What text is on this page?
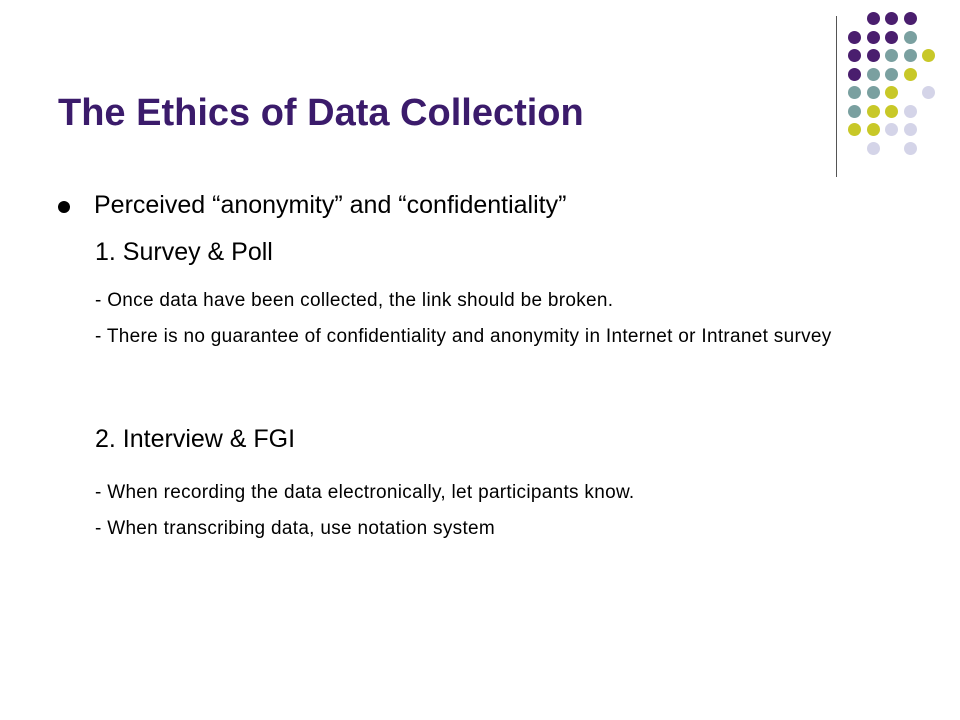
The Ethics of Data Collection
Perceived “anonymity” and “confidentiality”
1. Survey & Poll
- Once data have been collected, the link should be broken.
- There is no guarantee of confidentiality and anonymity in Internet or Intranet survey
2. Interview & FGI
- When recording the data electronically, let participants know.
- When transcribing data, use notation system
